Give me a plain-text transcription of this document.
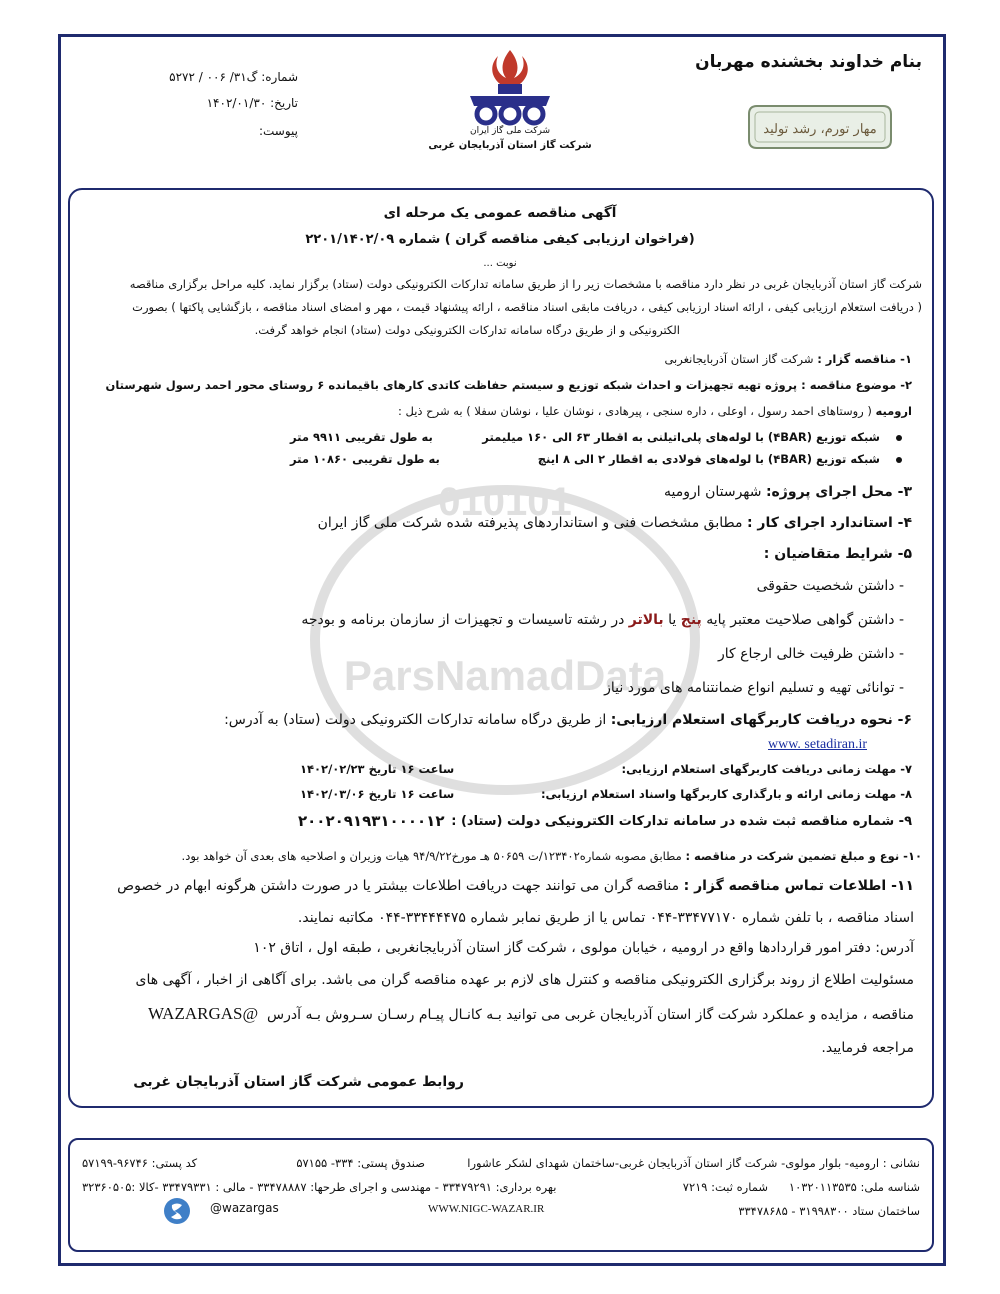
بنام خداوند بخشنده مهربان
شماره: گ۳۱/ ۰۰۶ / ۵۲۷۲
تاریخ: ۱۴۰۲/۰۱/۳۰
پیوست:	شرکت ملی گاز ایران
شرکت گاز استان آذربایجان غربی
مهار تورم، رشد تولید
010101
ParsNamadData
آگهی مناقصه عمومی یک مرحله ای
(فراخوان ارزیابی کیفی مناقصه گران ) شماره ۲۲۰۱/۱۴۰۲/۰۹
نوبت ...
شرکت گاز استان آذربایجان غربی در نظر دارد مناقصه با مشخصات زیر را از طریق سامانه تدارکات الکترونیکی دولت (ستاد) برگزار نماید. کلیه مراحل برگزاری مناقصه
( دریافت استعلام ارزیابی کیفی ، ارائه اسناد ارزیابی کیفی ، دریافت مابقی اسناد مناقصه ، ارائه پیشنهاد قیمت ، مهر و امضای اسناد مناقصه ، بازگشایی پاکتها ) بصورت
الکترونیکی و از طریق درگاه سامانه تدارکات الکترونیکی دولت (ستاد) انجام خواهد گرفت.
۱- مناقصه گزار : شرکت گاز استان آذربایجانغربی
۲- موضوع مناقصه : پروژه تهیه تجهیزات و احداث شبکه توزیع و سیستم حفاظت کاتدی کارهای باقیمانده ۶ روستای محور احمد رسول شهرستان
ارومیه ( روستاهای احمد رسول ، اوعلی ، داره سنجی ، پیرهادی ، نوشان علیا ، نوشان سفلا ) به شرح ذیل :
شبکه توزیع (۴BAR) با لوله‌های پلی‌اتیلنی به اقطار ۶۳ الی ۱۶۰ میلیمتر
به طول تقریبی ۹۹۱۱ متر
شبکه توزیع (۴BAR) با لوله‌های فولادی به اقطار ۲ الی ۸ اینچ
به طول تقریبی ۱۰۸۶۰ متر
۳- محل اجرای پروژه: شهرستان ارومیه
۴- استاندارد اجرای کار : مطابق مشخصات فنی و استانداردهای پذیرفته شده شرکت ملی گاز ایران
۵- شرایط متقاضیان :
- داشتن شخصیت حقوقی
- داشتن گواهی صلاحیت معتبر پایه پنج یا بالاتر در رشته تاسیسات و تجهیزات از سازمان برنامه و بودجه
- داشتن ظرفیت خالی ارجاع کار
- توانائی تهیه و تسلیم انواع ضمانتنامه های مورد نیاز
۶- نحوه دریافت کاربرگهای استعلام ارزیابی: از طریق درگاه سامانه تدارکات الکترونیکی دولت (ستاد) به آدرس:
www. setadiran.ir
۷- مهلت زمانی دریافت کاربرگهای استعلام ارزیابی:
ساعت ۱۶ تاریخ ۱۴۰۲/۰۲/۲۳
۸- مهلت زمانی ارائه و بارگذاری کاربرگها واسناد استعلام ارزیابی:
ساعت ۱۶ تاریخ ۱۴۰۲/۰۳/۰۶
۹- شماره مناقصه ثبت شده در سامانه تدارکات الکترونیکی دولت (ستاد) :
۲۰۰۲۰۹۱۹۳۱۰۰۰۰۱۲
۱۰- نوع و مبلغ تضمین شرکت در مناقصه : مطابق مصوبه شماره۱۲۳۴۰۲/ت ۵۰۶۵۹ هـ مورخ۹۴/۹/۲۲ هیات وزیران و اصلاحیه های بعدی آن خواهد بود.
۱۱- اطلاعات تماس مناقصه گزار : مناقصه گران می توانند جهت دریافت اطلاعات بیشتر یا در صورت داشتن هرگونه ابهام در خصوص
اسناد مناقصه ، با تلفن شماره ۳۳۴۷۷۱۷۰-۰۴۴ تماس یا از طریق نمابر شماره ۳۳۴۴۴۴۷۵-۰۴۴ مکاتبه نمایند.
آدرس: دفتر امور قراردادها واقع در ارومیه ، خیابان مولوی ، شرکت گاز استان آذربایجانغربی ، طبقه اول ، اتاق ۱۰۲
مسئولیت اطلاع از روند برگزاری الکترونیکی مناقصه و کنترل های لازم بر عهده مناقصه گران می باشد. برای آگاهی از اخبار ، آگهی های
مناقصه ، مزایده و عملکرد شرکت گاز استان آذربایجان غربی می توانید بـه کانـال پیـام رسـان سـروش بـه آدرس  @WAZARGAS
مراجعه فرمایید.
روابط عمومی شرکت گاز استان آذربایجان غربی
نشانی : ارومیه- بلوار مولوی- شرکت گاز استان آذربایجان غربی-ساختمان شهدای لشکر عاشورا
صندوق پستی: ۳۳۴- ۵۷۱۵۵
کد پستی: ۹۶۷۴۶-۵۷۱۹۹
شناسه ملی: ۱۰۳۲۰۱۱۳۵۳۵
شماره ثبت: ۷۲۱۹
بهره برداری: ۳۳۴۷۹۲۹۱ - مهندسی و اجرای طرحها: ۳۳۴۷۸۸۸۷ - مالی : ۳۳۴۷۹۳۳۱ -کالا :۳۲۳۶۰۵۰۵
ساختمان ستاد ۳۱۹۹۸۳۰۰ - ۳۳۴۷۸۶۸۵
WWW.NIGC-WAZAR.IR
@wazargas
